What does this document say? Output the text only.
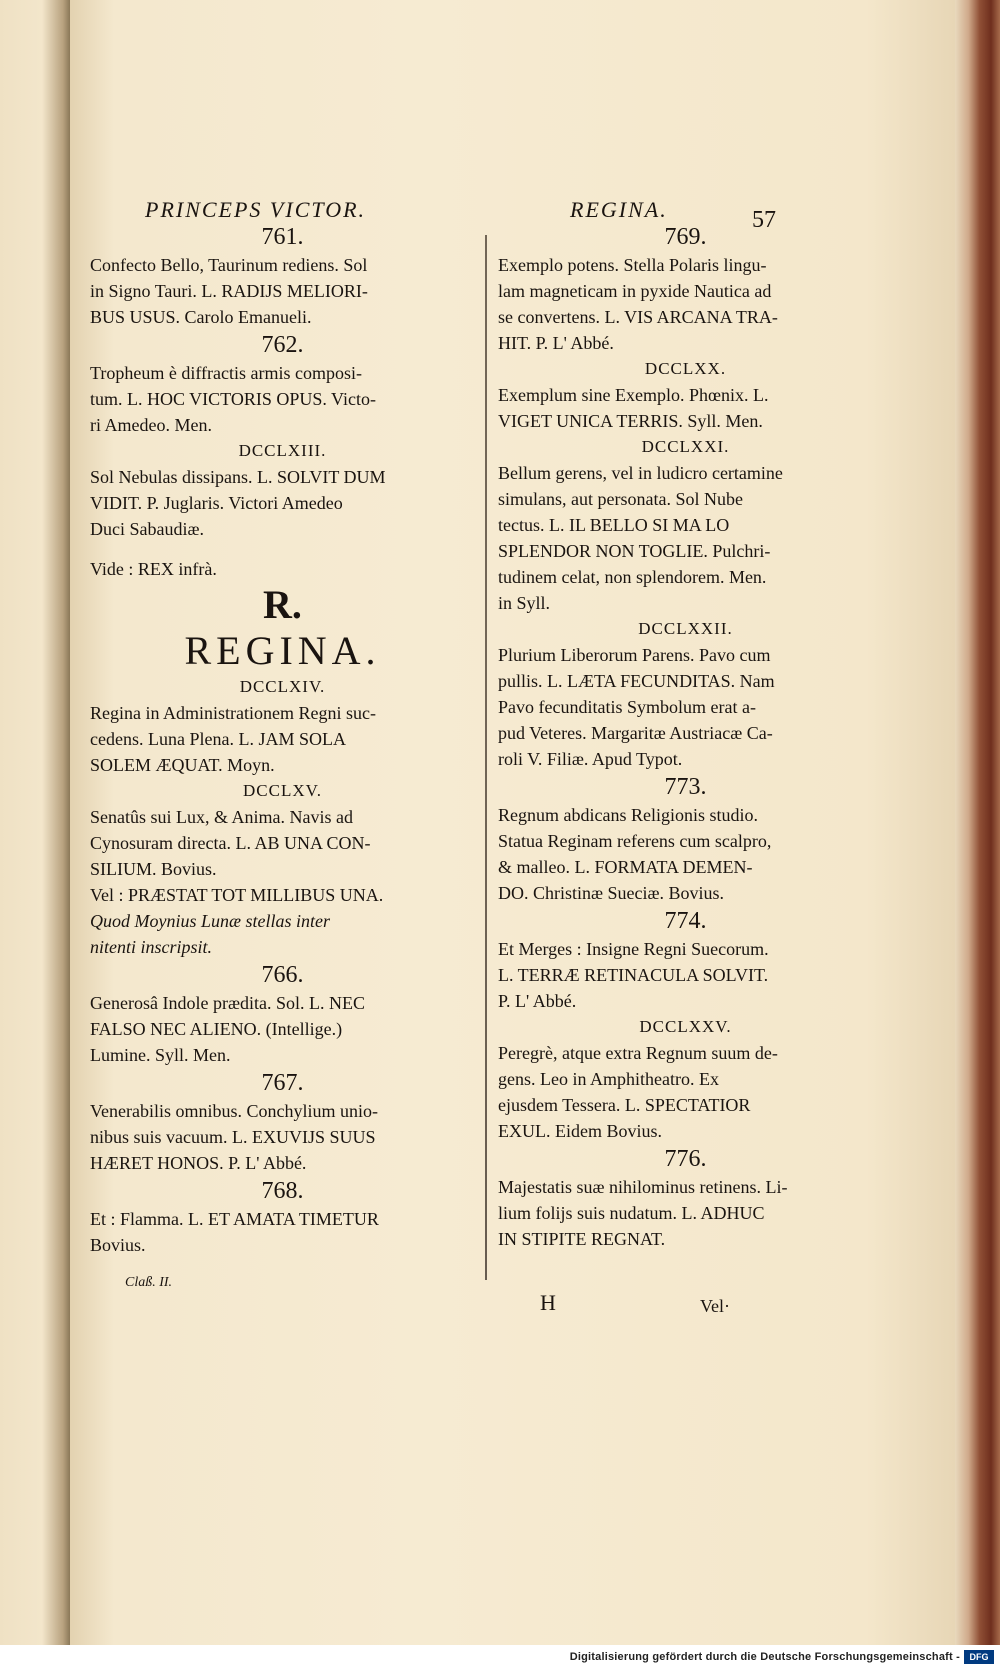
PRINCEPS VICTOR.	REGINA.	57

761.

Confecto Bello, Taurinum rediens. Sol

in Signo Tauri. L. RADIJS MELIORI-

BUS USUS. Carolo Emanueli.

762.

Tropheum è diffractis armis composi-

tum. L. HOC VICTORIS OPUS. Victo-

ri Amedeo. Men.

DCCLXIII.

Sol Nebulas dissipans. L. SOLVIT DUM

VIDIT. P. Juglaris. Victori Amedeo

Duci Sabaudiæ.

Vide : REX infrà.

R.

REGINA.

DCCLXIV.

Regina in Administrationem Regni suc-

cedens. Luna Plena. L. JAM SOLA

SOLEM ÆQUAT. Moyn.

DCCLXV.

Senatûs sui Lux, & Anima. Navis ad

Cynosuram directa. L. AB UNA CON-

SILIUM. Bovius.

Vel : PRÆSTAT TOT MILLIBUS UNA.

Quod Moynius Lunæ stellas inter

nitenti inscripsit.

766.

Generosâ Indole prædita. Sol. L. NEC

FALSO NEC ALIENO. (Intellige.)

Lumine. Syll. Men.

767.

Venerabilis omnibus. Conchylium unio-

nibus suis vacuum. L. EXUVIJS SUUS

HÆRET HONOS. P. L' Abbé.

768.

Et : Flamma. L. ET AMATA TIMETUR

Bovius.

769.

Exemplo potens. Stella Polaris lingu-

lam magneticam in pyxide Nautica ad

se convertens. L. VIS ARCANA TRA-

HIT. P. L' Abbé.

DCCLXX.

Exemplum sine Exemplo. Phœnix. L.

VIGET UNICA TERRIS. Syll. Men.

DCCLXXI.

Bellum gerens, vel in ludicro certamine

simulans, aut personata. Sol Nube

tectus. L. IL BELLO SI MA LO

SPLENDOR NON TOGLIE. Pulchri-

tudinem celat, non splendorem. Men.

in Syll.

DCCLXXII.

Plurium Liberorum Parens. Pavo cum

pullis. L. LÆTA FECUNDITAS. Nam

Pavo fecunditatis Symbolum erat a-

pud Veteres. Margaritæ Austriacæ Ca-

roli V. Filiæ. Apud Typot.

773.

Regnum abdicans Religionis studio.

Statua Reginam referens cum scalpro,

& malleo. L. FORMATA DEMEN-

DO. Christinæ Sueciæ. Bovius.

774.

Et Merges : Insigne Regni Suecorum.

L. TERRÆ RETINACULA SOLVIT.

P. L' Abbé.

DCCLXXV.

Peregrè, atque extra Regnum suum de-

gens. Leo in Amphitheatro. Ex

ejusdem Tessera. L. SPECTATIOR

EXUL. Eidem Bovius.

776.

Majestatis suæ nihilominus retinens. Li-

lium folijs suis nudatum. L. ADHUC

IN STIPITE REGNAT.

Claß. II.
H	Vel·
Digitalisierung gefördert durch die Deutsche Forschungsgemeinschaft -	DFG
